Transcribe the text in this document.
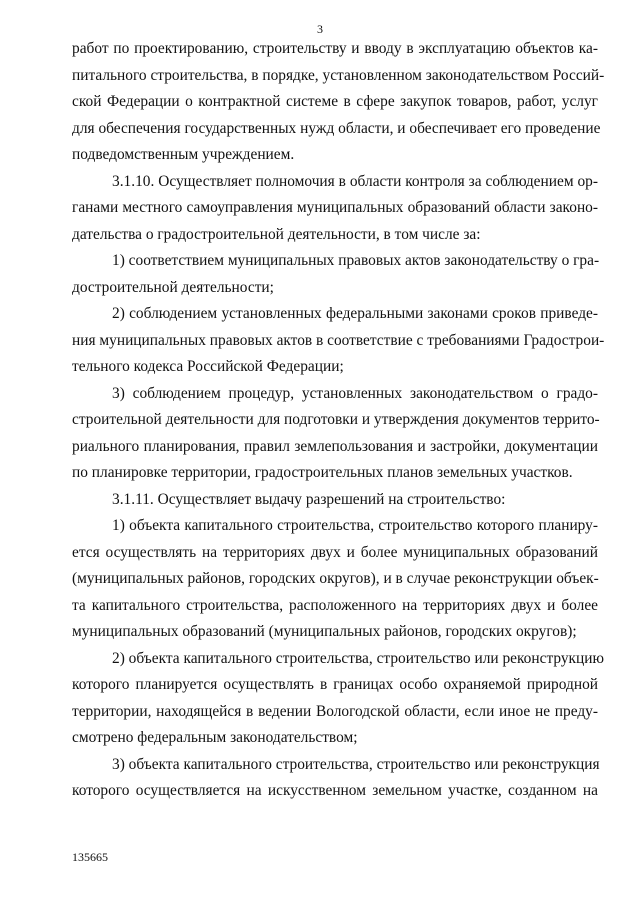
3
работ по проектированию, строительству и вводу в эксплуатацию объектов ка-
питального строительства, в порядке, установленном законодательством Россий-
ской Федерации о контрактной системе в сфере закупок товаров, работ, услуг
для обеспечения государственных нужд области, и обеспечивает его проведение
подведомственным учреждением.
3.1.10. Осуществляет полномочия в области контроля за соблюдением ор-
ганами местного самоуправления муниципальных образований области законо-
дательства о градостроительной деятельности, в том числе за:
1) соответствием муниципальных правовых актов законодательству о гра-
достроительной деятельности;
2) соблюдением установленных федеральными законами сроков приведе-
ния муниципальных правовых актов в соответствие с требованиями Градострои-
тельного кодекса Российской Федерации;
3) соблюдением процедур, установленных законодательством о градо-
строительной деятельности для подготовки и утверждения документов террито-
риального планирования, правил землепользования и застройки, документации
по планировке территории, градостроительных планов земельных участков.
3.1.11. Осуществляет выдачу разрешений на строительство:
1) объекта капитального строительства, строительство которого планиру-
ется осуществлять на территориях двух и более муниципальных образований
(муниципальных районов, городских округов), и в случае реконструкции объек-
та капитального строительства, расположенного на территориях двух и более
муниципальных образований (муниципальных районов, городских округов);
2) объекта капитального строительства, строительство или реконструкцию
которого планируется осуществлять в границах особо охраняемой природной
территории, находящейся в ведении Вологодской области, если иное не преду-
смотрено федеральным законодательством;
3) объекта капитального строительства, строительство или реконструкция
которого осуществляется на искусственном земельном участке, созданном на
135665
